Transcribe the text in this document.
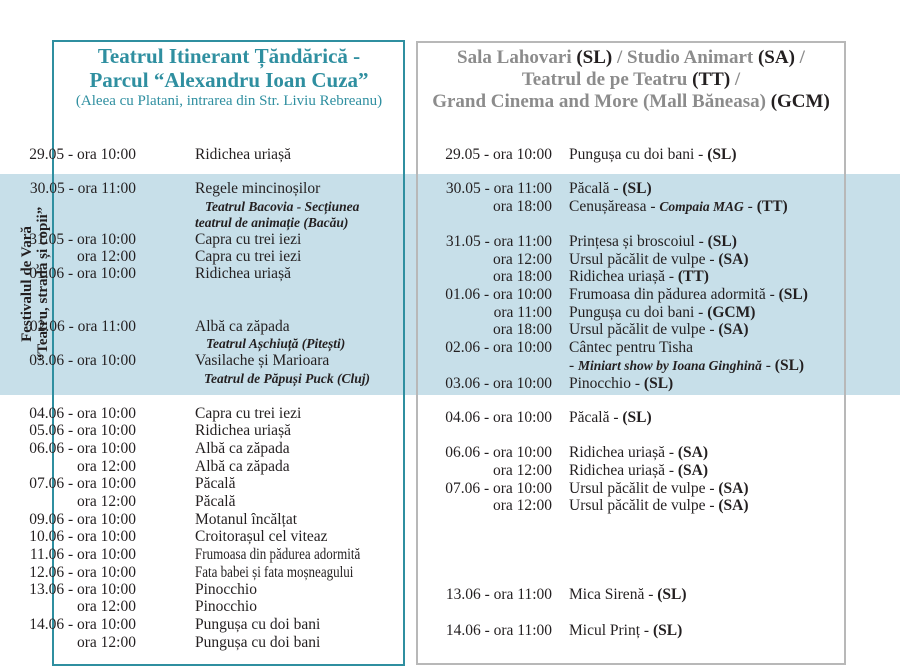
Festivalul de Vară “Teatru, stradă și copii”
Teatrul Itinerant Țăndărică -
Parcul “Alexandru Ioan Cuza”
(Aleea cu Platani, intrarea din Str. Liviu Rebreanu)
Sala Lahovari (SL) / Studio Animart (SA) /
Teatrul de pe Teatru (TT) /
Grand Cinema and More (Mall Băneasa) (GCM)
29.05 - ora 10:00	Ridichea uriașă
30.05 - ora 11:00	Regele mincinoșilor
Teatrul Bacovia - Secțiunea
teatrul de animație (Bacău)
31.05 - ora 10:00	Capra cu trei iezi
ora 12:00	Capra cu trei iezi
01.06 - ora 10:00	Ridichea uriașă
02.06 - ora 11:00	Albă ca zăpada
Teatrul Așchiuță (Pitești)
03.06 - ora 10:00	Vasilache și Marioara
Teatrul de Păpuși Puck (Cluj)
04.06 - ora 10:00	Capra cu trei iezi
05.06 - ora 10:00	Ridichea uriașă
06.06 - ora 10:00	Albă ca zăpada
ora 12:00	Albă ca zăpada
07.06 - ora 10:00	Păcală
ora 12:00	Păcală
09.06 - ora 10:00	Motanul încălțat
10.06 - ora 10:00	Croitorașul cel viteaz
11.06 - ora 10:00	Frumoasa din pădurea adormită
12.06 - ora 10:00	Fata babei și fata moșneagului
13.06 - ora 10:00	Pinocchio
ora 12:00	Pinocchio
14.06 - ora 10:00	Pungușa cu doi bani
ora 12:00	Pungușa cu doi bani
29.05 - ora 10:00 Pungușa cu doi bani - (SL)
30.05 - ora 11:00 Păcală - (SL)
ora 18:00 Cenușăreasa - Compaia MAG - (TT)
31.05 - ora 11:00 Prințesa și broscoiul - (SL)
ora 12:00 Ursul păcălit de vulpe - (SA)
ora 18:00 Ridichea uriașă - (TT)
01.06 - ora 10:00 Frumoasa din pădurea adormită - (SL)
ora 11:00 Pungușa cu doi bani - (GCM)
ora 18:00 Ursul păcălit de vulpe - (SA)
02.06 - ora 10:00 Cântec pentru Tisha
- Miniart show by Ioana Ginghină - (SL)
03.06 - ora 10:00 Pinocchio - (SL)
04.06 - ora 10:00 Păcală - (SL)
06.06 - ora 10:00 Ridichea uriașă - (SA)
ora 12:00 Ridichea uriașă - (SA)
07.06 - ora 10:00 Ursul păcălit de vulpe - (SA)
ora 12:00 Ursul păcălit de vulpe - (SA)
13.06 - ora 11:00 Mica Sirenă - (SL)
14.06 - ora 11:00 Micul Prinț - (SL)
